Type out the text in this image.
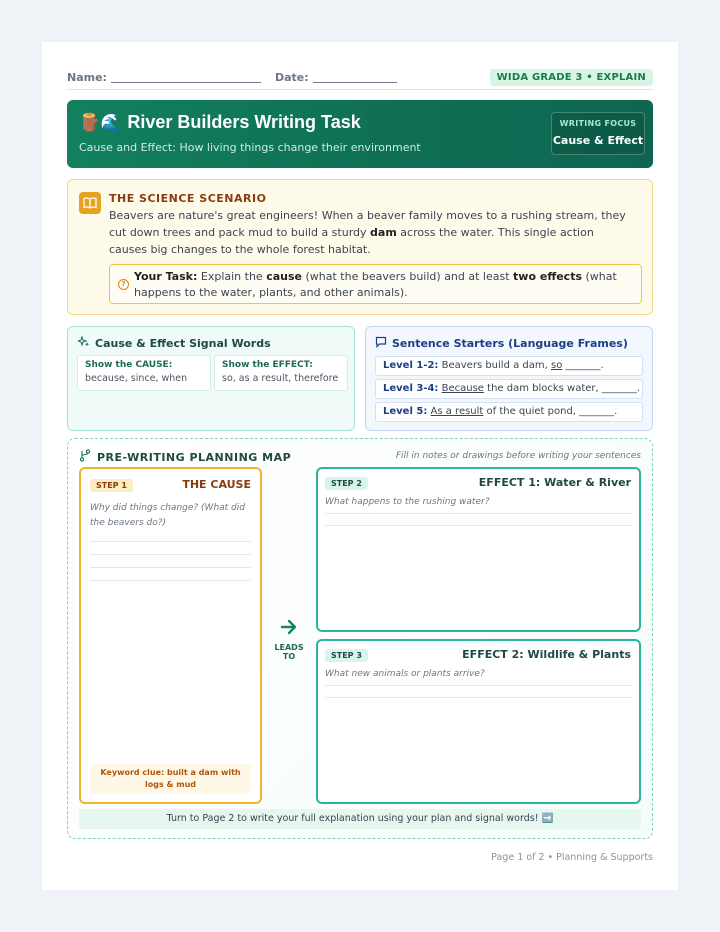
Name:	Date:	WIDA GRADE 3 • EXPLAIN
🪵🌊 River Builders Writing Task
Cause and Effect: How living things change their environment
WRITING FOCUS
Cause & Effect
THE SCIENCE SCENARIO
Beavers are nature's great engineers! When a beaver family moves to a rushing stream, they cut down trees and pack mud to build a sturdy dam across the water. This single action causes big changes to the whole forest habitat.
?
Your Task: Explain the cause (what the beavers build) and at least two effects (what happens to the water, plants, and other animals).
Cause & Effect Signal Words
Show the CAUSE:
because, since, when
Show the EFFECT:
so, as a result, therefore
Sentence Starters (Language Frames)
Level 1-2: Beavers build a dam, so _______.
Level 3-4: Because the dam blocks water, _______.
Level 5: As a result of the quiet pond, _______.
PRE-WRITING PLANNING MAP	Fill in notes or drawings before writing your sentences
STEP 1	THE CAUSE
Why did things change? (What did the beavers do?)
Keyword clue: built a dam with logs & mud
LEADS TO
STEP 2	EFFECT 1: Water & River
What happens to the rushing water?
STEP 3	EFFECT 2: Wildlife & Plants
What new animals or plants arrive?
Turn to Page 2 to write your full explanation using your plan and signal words! ➡️
Page 1 of 2 • Planning & Supports
